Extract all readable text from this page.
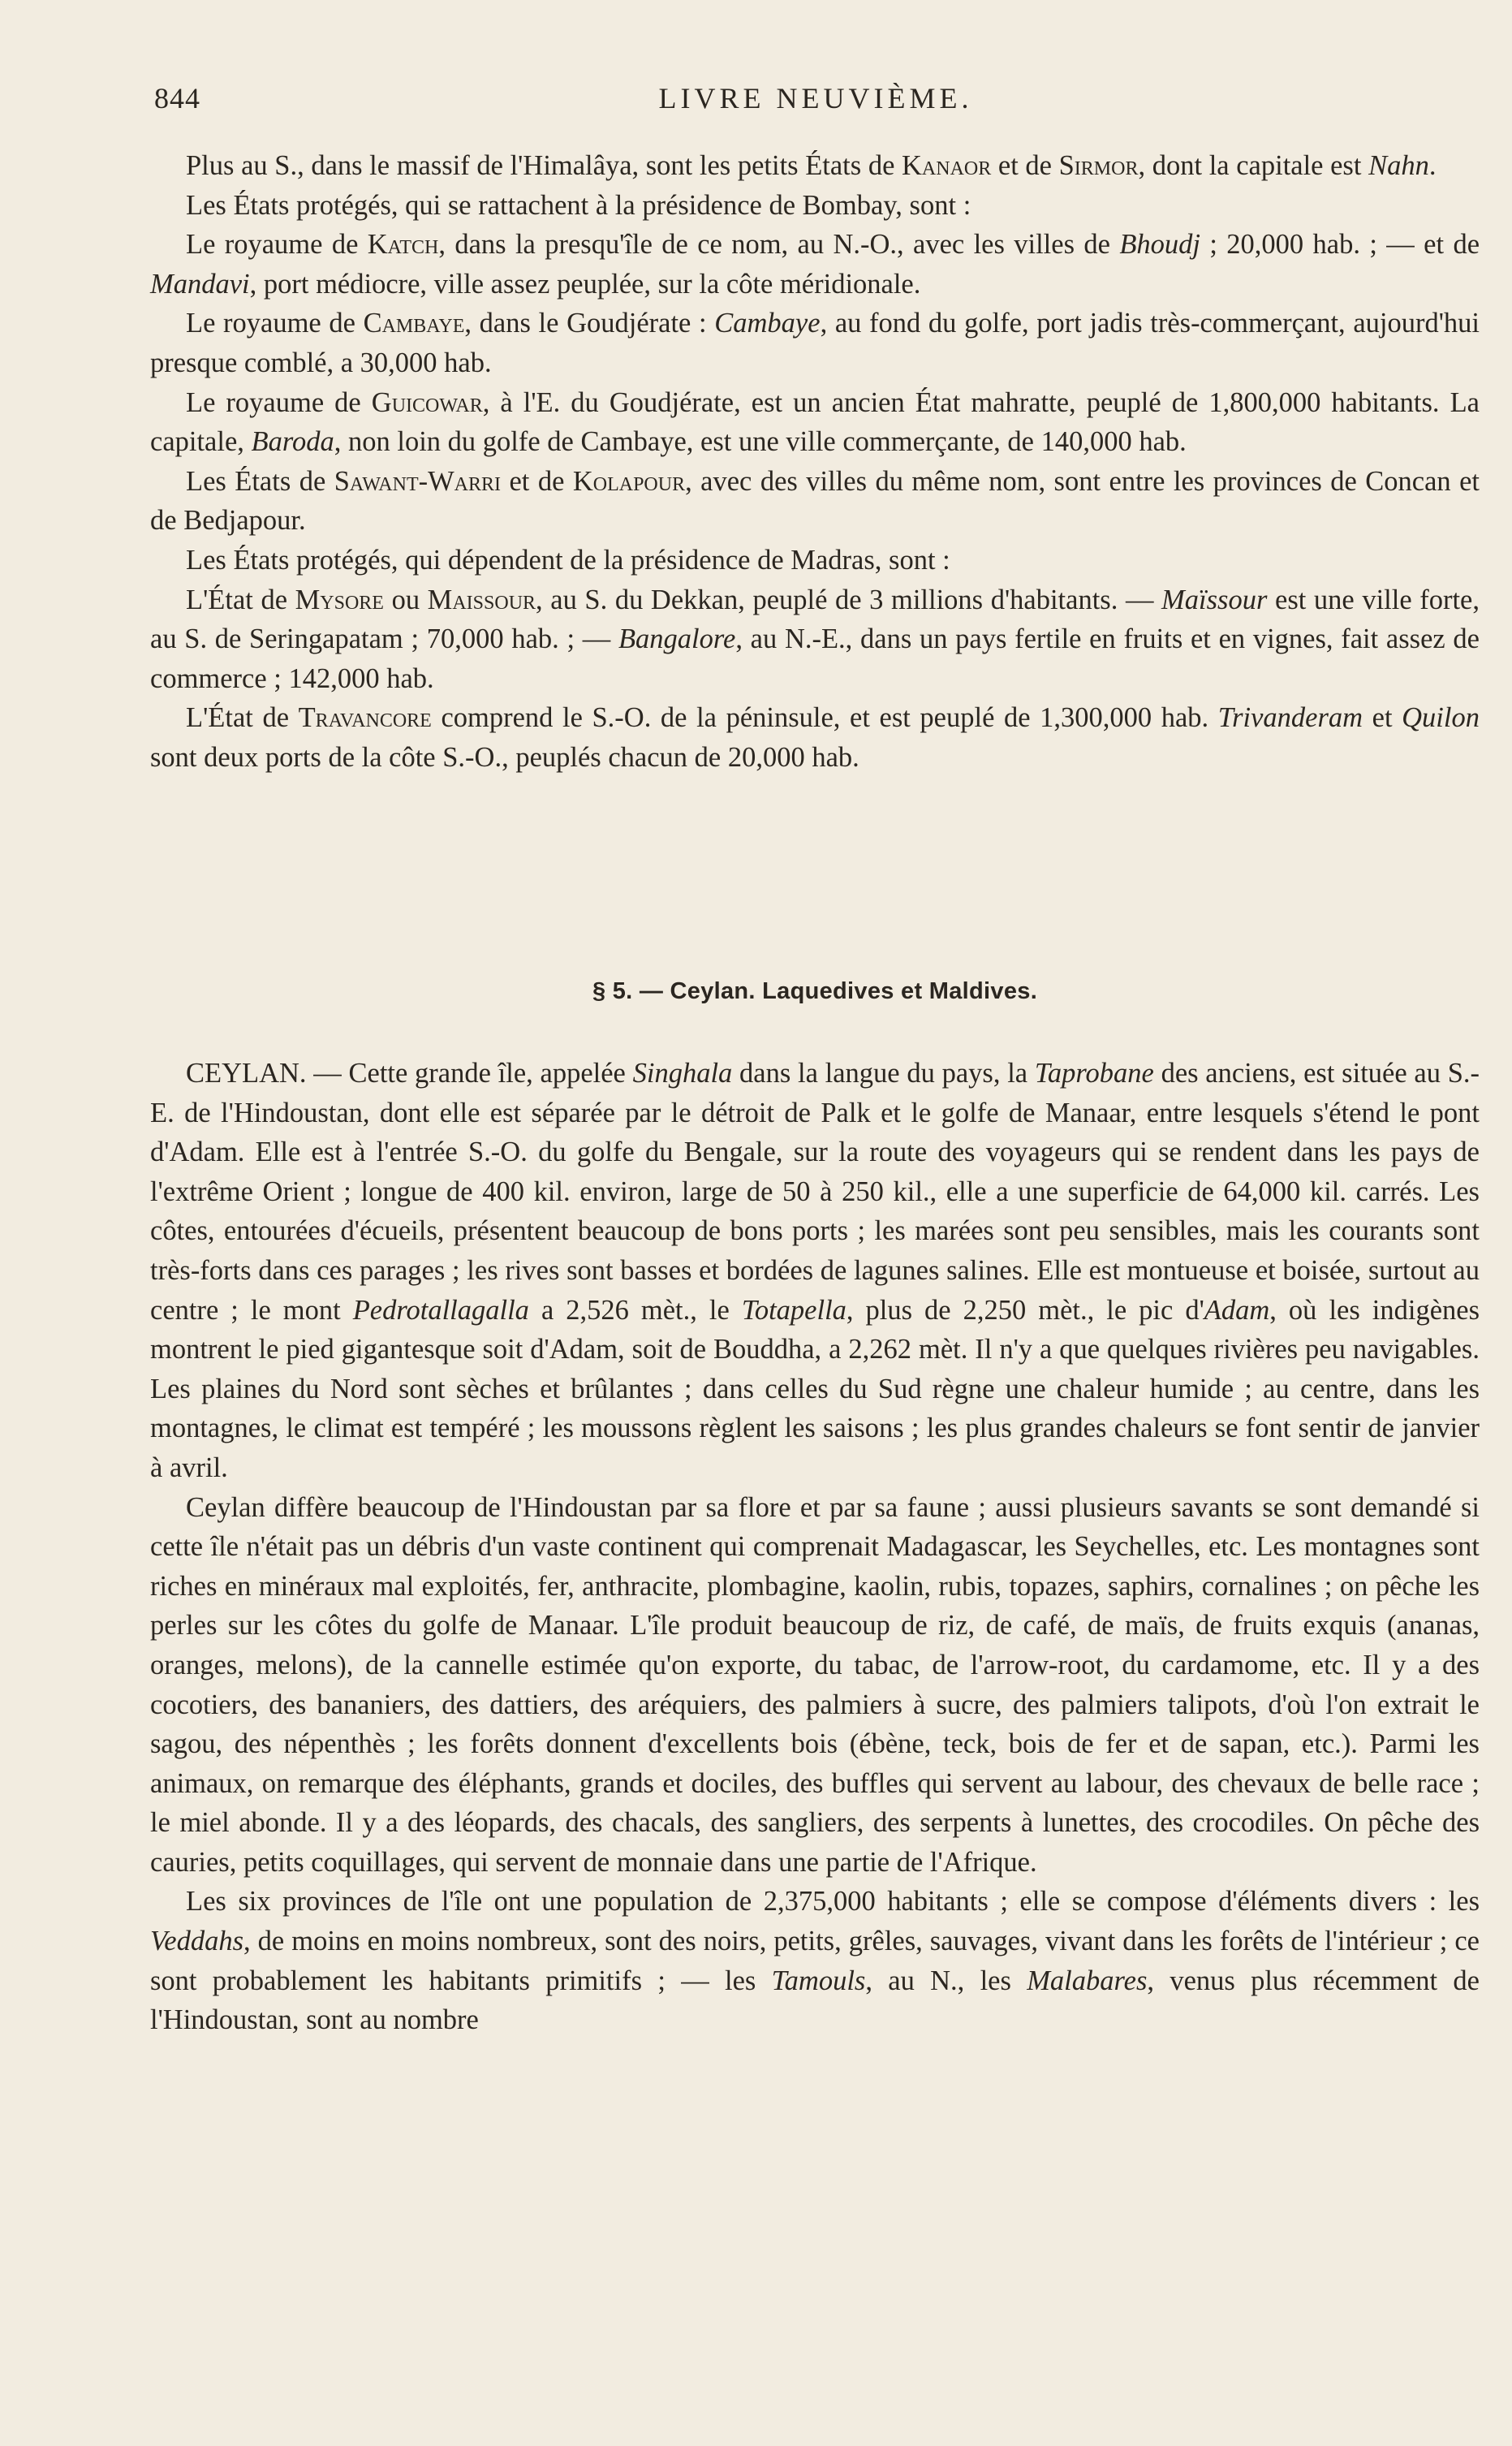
844	LIVRE NEUVIÈME.

Plus au S., dans le massif de l'Himalâya, sont les petits États de Kanaor et de Sirmor, dont la capitale est Nahn.

Les États protégés, qui se rattachent à la présidence de Bombay, sont :

Le royaume de Katch, dans la presqu'île de ce nom, au N.-O., avec les villes de Bhoudj ; 20,000 hab. ; — et de Mandavi, port médiocre, ville assez peuplée, sur la côte méridionale.

Le royaume de Cambaye, dans le Goudjérate : Cambaye, au fond du golfe, port jadis très-commerçant, aujourd'hui presque comblé, a 30,000 hab.

Le royaume de Guicowar, à l'E. du Goudjérate, est un ancien État mahratte, peuplé de 1,800,000 habitants. La capitale, Baroda, non loin du golfe de Cambaye, est une ville commerçante, de 140,000 hab.

Les États de Sawant-Warri et de Kolapour, avec des villes du même nom, sont entre les provinces de Concan et de Bedjapour.

Les États protégés, qui dépendent de la présidence de Madras, sont :

L'État de Mysore ou Maissour, au S. du Dekkan, peuplé de 3 millions d'habitants. — Maïssour est une ville forte, au S. de Seringapatam ; 70,000 hab. ; — Bangalore, au N.-E., dans un pays fertile en fruits et en vignes, fait assez de commerce ; 142,000 hab.

L'État de Travancore comprend le S.-O. de la péninsule, et est peuplé de 1,300,000 hab. Trivanderam et Quilon sont deux ports de la côte S.-O., peuplés chacun de 20,000 hab.

§ 5. — Ceylan. Laquedives et Maldives.

CEYLAN. — Cette grande île, appelée Singhala dans la langue du pays, la Taprobane des anciens, est située au S.-E. de l'Hindoustan, dont elle est séparée par le détroit de Palk et le golfe de Manaar, entre lesquels s'étend le pont d'Adam. Elle est à l'entrée S.-O. du golfe du Bengale, sur la route des voyageurs qui se rendent dans les pays de l'extrême Orient ; longue de 400 kil. environ, large de 50 à 250 kil., elle a une superficie de 64,000 kil. carrés. Les côtes, entourées d'écueils, présentent beaucoup de bons ports ; les marées sont peu sensibles, mais les courants sont très-forts dans ces parages ; les rives sont basses et bordées de lagunes salines. Elle est montueuse et boisée, surtout au centre ; le mont Pedrotallagalla a 2,526 mèt., le Totapella, plus de 2,250 mèt., le pic d'Adam, où les indigènes montrent le pied gigantesque soit d'Adam, soit de Bouddha, a 2,262 mèt. Il n'y a que quelques rivières peu navigables. Les plaines du Nord sont sèches et brûlantes ; dans celles du Sud règne une chaleur humide ; au centre, dans les montagnes, le climat est tempéré ; les moussons règlent les saisons ; les plus grandes chaleurs se font sentir de janvier à avril.

Ceylan diffère beaucoup de l'Hindoustan par sa flore et par sa faune ; aussi plusieurs savants se sont demandé si cette île n'était pas un débris d'un vaste continent qui comprenait Madagascar, les Seychelles, etc. Les montagnes sont riches en minéraux mal exploités, fer, anthracite, plombagine, kaolin, rubis, topazes, saphirs, cornalines ; on pêche les perles sur les côtes du golfe de Manaar. L'île produit beaucoup de riz, de café, de maïs, de fruits exquis (ananas, oranges, melons), de la cannelle estimée qu'on exporte, du tabac, de l'arrow-root, du cardamome, etc. Il y a des cocotiers, des bananiers, des dattiers, des aréquiers, des palmiers à sucre, des palmiers talipots, d'où l'on extrait le sagou, des népenthès ; les forêts donnent d'excellents bois (ébène, teck, bois de fer et de sapan, etc.). Parmi les animaux, on remarque des éléphants, grands et dociles, des buffles qui servent au labour, des chevaux de belle race ; le miel abonde. Il y a des léopards, des chacals, des sangliers, des serpents à lunettes, des crocodiles. On pêche des cauries, petits coquillages, qui servent de monnaie dans une partie de l'Afrique.

Les six provinces de l'île ont une population de 2,375,000 habitants ; elle se compose d'éléments divers : les Veddahs, de moins en moins nombreux, sont des noirs, petits, grêles, sauvages, vivant dans les forêts de l'intérieur ; ce sont probablement les habitants primitifs ; — les Tamouls, au N., les Malabares, venus plus récemment de l'Hindoustan, sont au nombre
